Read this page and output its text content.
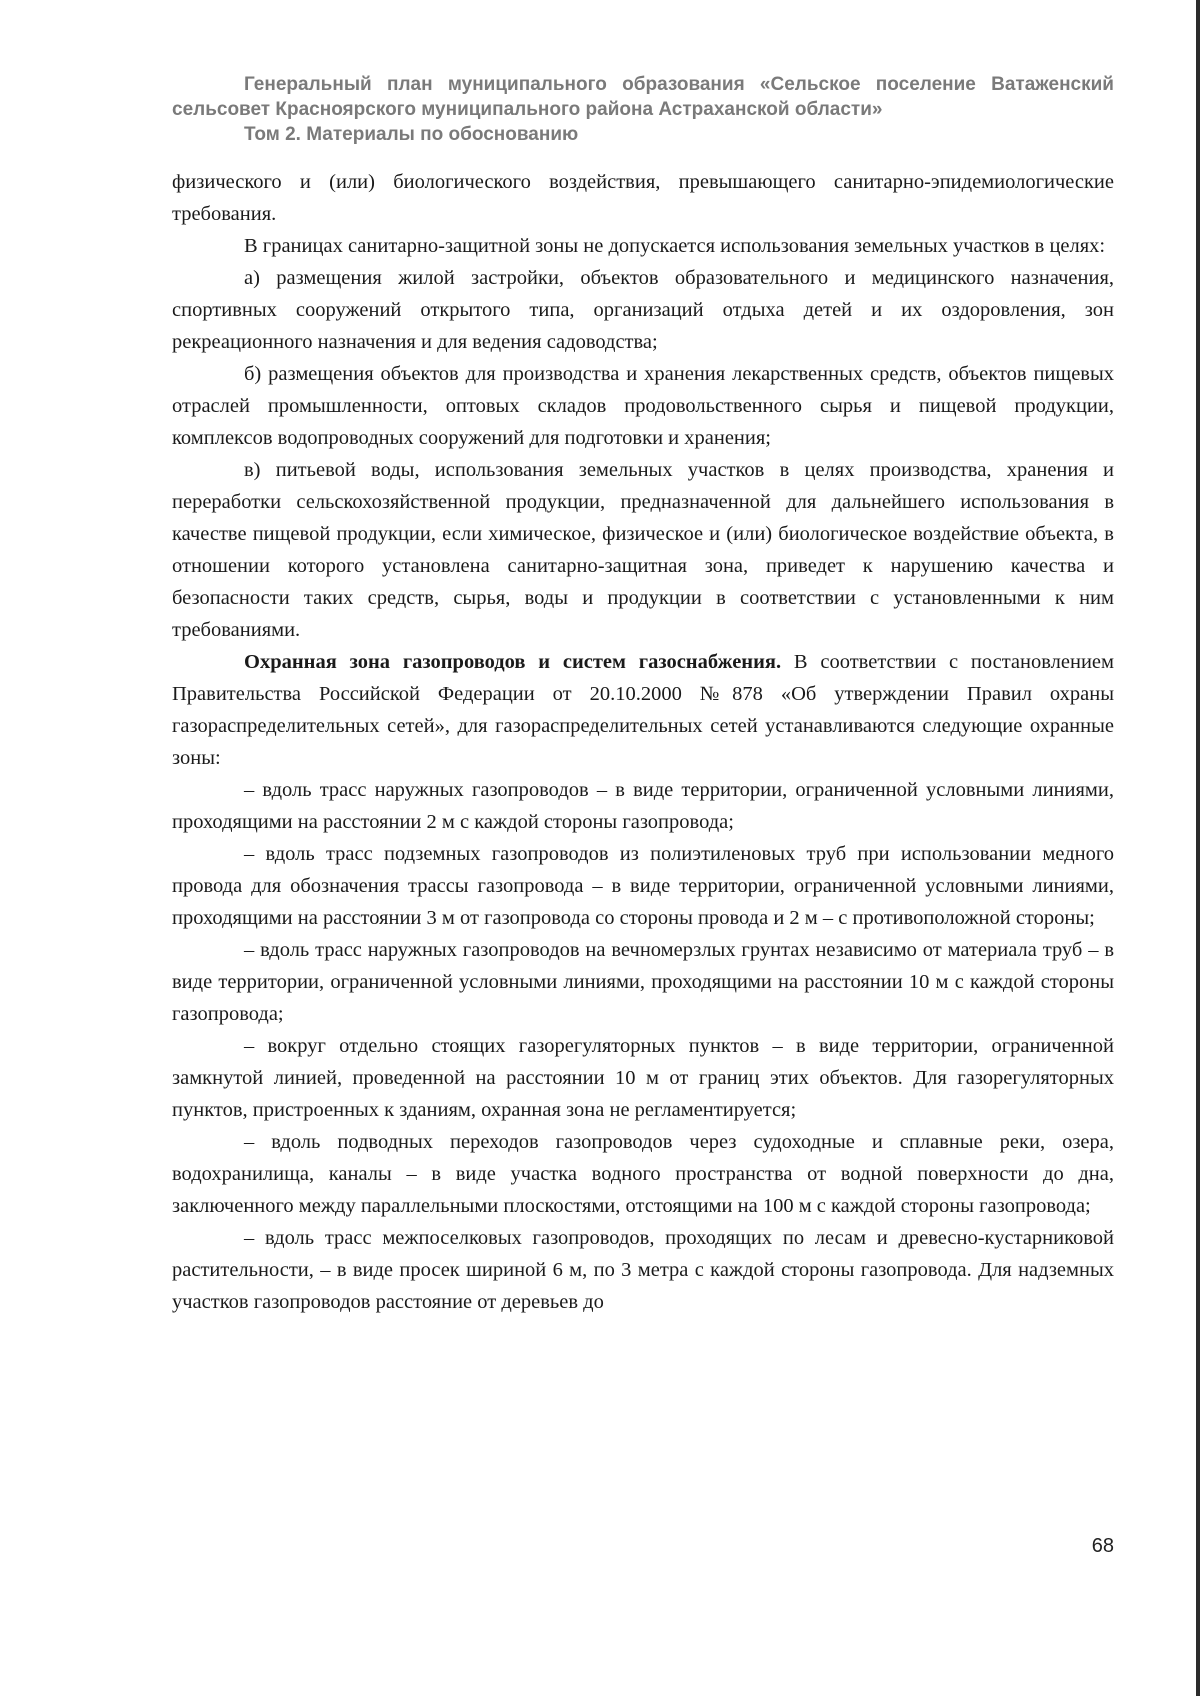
Генеральный план муниципального образования «Сельское поселение Ватаженский сельсовет Красноярского муниципального района Астраханской области»

Том 2. Материалы по обоснованию

физического и (или) биологического воздействия, превышающего санитарно-эпидемиологические требования.

В границах санитарно-защитной зоны не допускается использования земельных участков в целях:

а) размещения жилой застройки, объектов образовательного и медицинского назначения, спортивных сооружений открытого типа, организаций отдыха детей и их оздоровления, зон рекреационного назначения и для ведения садоводства;

б) размещения объектов для производства и хранения лекарственных средств, объектов пищевых отраслей промышленности, оптовых складов продовольственного сырья и пищевой продукции, комплексов водопроводных сооружений для подготовки и хранения;

в) питьевой воды, использования земельных участков в целях производства, хранения и переработки сельскохозяйственной продукции, предназначенной для дальнейшего использования в качестве пищевой продукции, если химическое, физическое и (или) биологическое воздействие объекта, в отношении которого установлена санитарно-защитная зона, приведет к нарушению качества и безопасности таких средств, сырья, воды и продукции в соответствии с установленными к ним требованиями.

Охранная зона газопроводов и систем газоснабжения. В соответствии с постановлением Правительства Российской Федерации от 20.10.2000 №878 «Об утверждении Правил охраны газораспределительных сетей», для газораспределительных сетей устанавливаются следующие охранные зоны:

– вдоль трасс наружных газопроводов – в виде территории, ограниченной условными линиями, проходящими на расстоянии 2 м с каждой стороны газопровода;

– вдоль трасс подземных газопроводов из полиэтиленовых труб при использовании медного провода для обозначения трассы газопровода – в виде территории, ограниченной условными линиями, проходящими на расстоянии 3 м от газопровода со стороны провода и 2 м – с противоположной стороны;

– вдоль трасс наружных газопроводов на вечномерзлых грунтах независимо от материала труб – в виде территории, ограниченной условными линиями, проходящими на расстоянии 10 м с каждой стороны газопровода;

– вокруг отдельно стоящих газорегуляторных пунктов – в виде территории, ограниченной замкнутой линией, проведенной на расстоянии 10 м от границ этих объектов. Для газорегуляторных пунктов, пристроенных к зданиям, охранная зона не регламентируется;

– вдоль подводных переходов газопроводов через судоходные и сплавные реки, озера, водохранилища, каналы – в виде участка водного пространства от водной поверхности до дна, заключенного между параллельными плоскостями, отстоящими на 100 м с каждой стороны газопровода;

– вдоль трасс межпоселковых газопроводов, проходящих по лесам и древесно-кустарниковой растительности, – в виде просек шириной 6 м, по 3 метра с каждой стороны газопровода. Для надземных участков газопроводов расстояние от деревьев до

68
